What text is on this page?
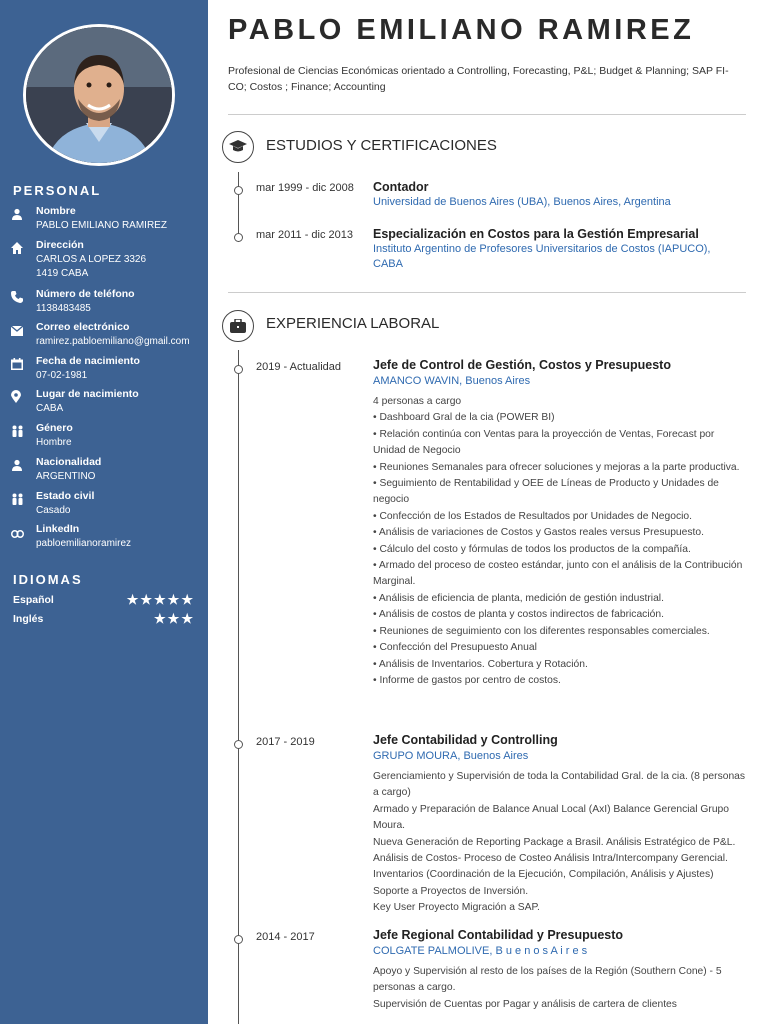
PERSONAL
Nombre
PABLO EMILIANO RAMIREZ
Dirección
CARLOS A LOPEZ 3326
1419 CABA
Número de teléfono
1138483485
Correo electrónico
ramirez.pabloemiliano@gmail.com
Fecha de nacimiento
07-02-1981
Lugar de nacimiento
CABA
Género
Hombre
Nacionalidad
ARGENTINO
Estado civil
Casado
LinkedIn
pabloemilianoramirez
IDIOMAS
Español	★★★★★
Inglés	★★★
PABLO EMILIANO RAMIREZ
Profesional de Ciencias Económicas orientado a Controlling, Forecasting, P&L; Budget & Planning; SAP FI-CO; Costos ; Finance; Accounting
ESTUDIOS Y CERTIFICACIONES
mar 1999 - dic 2008 Contador
Universidad de Buenos Aires (UBA), Buenos Aires, Argentina
mar 2011 - dic 2013 Especialización en Costos para la Gestión Empresarial
Instituto Argentino de Profesores Universitarios de Costos (IAPUCO), CABA
EXPERIENCIA LABORAL
2019 - Actualidad	Jefe de Control de Gestión, Costos y Presupuesto
AMANCO WAVIN, Buenos Aires
4 personas a cargo
• Dashboard Gral de la cia (POWER BI)
• Relación continúa con Ventas para la proyección de Ventas, Forecast por Unidad de Negocio
• Reuniones Semanales para ofrecer soluciones y mejoras a la parte productiva.
• Seguimiento de Rentabilidad y OEE de Líneas de Producto y Unidades de negocio
• Confección de los Estados de Resultados por Unidades de Negocio.
• Análisis de variaciones de Costos y Gastos reales versus Presupuesto.
• Cálculo del costo y fórmulas de todos los productos de la compañía.
• Armado del proceso de costeo estándar, junto con el análisis de la Contribución Marginal.
• Análisis de eficiencia de planta, medición de gestión industrial.
• Análisis de costos de planta y costos indirectos de fabricación.
• Reuniones de seguimiento con los diferentes responsables comerciales.
• Confección del Presupuesto Anual
• Análisis de Inventarios. Cobertura y Rotación.
• Informe de gastos por centro de costos.
2017 - 2019	Jefe Contabilidad y Controlling
GRUPO MOURA, Buenos Aires
Gerenciamiento y Supervisión de toda la Contabilidad Gral. de la cia. (8 personas a cargo)
Armado y Preparación de Balance Anual Local (AxI) Balance Gerencial Grupo Moura.
Nueva Generación de Reporting Package a Brasil. Análisis Estratégico de P&L.
Análisis de Costos- Proceso de Costeo Análisis Intra/Intercompany Gerencial.
Inventarios (Coordinación de la Ejecución, Compilación, Análisis y Ajustes)
Soporte a Proyectos de Inversión.
Key User Proyecto Migración a SAP.
2014 - 2017	Jefe Regional Contabilidad y Presupuesto
COLGATE PALMOLIVE, B u e n o s A i r e s
Apoyo y Supervisión al resto de los países de la Región (Southern Cone) - 5 personas a cargo.
Supervisión de Cuentas por Pagar y análisis de cartera de clientes
